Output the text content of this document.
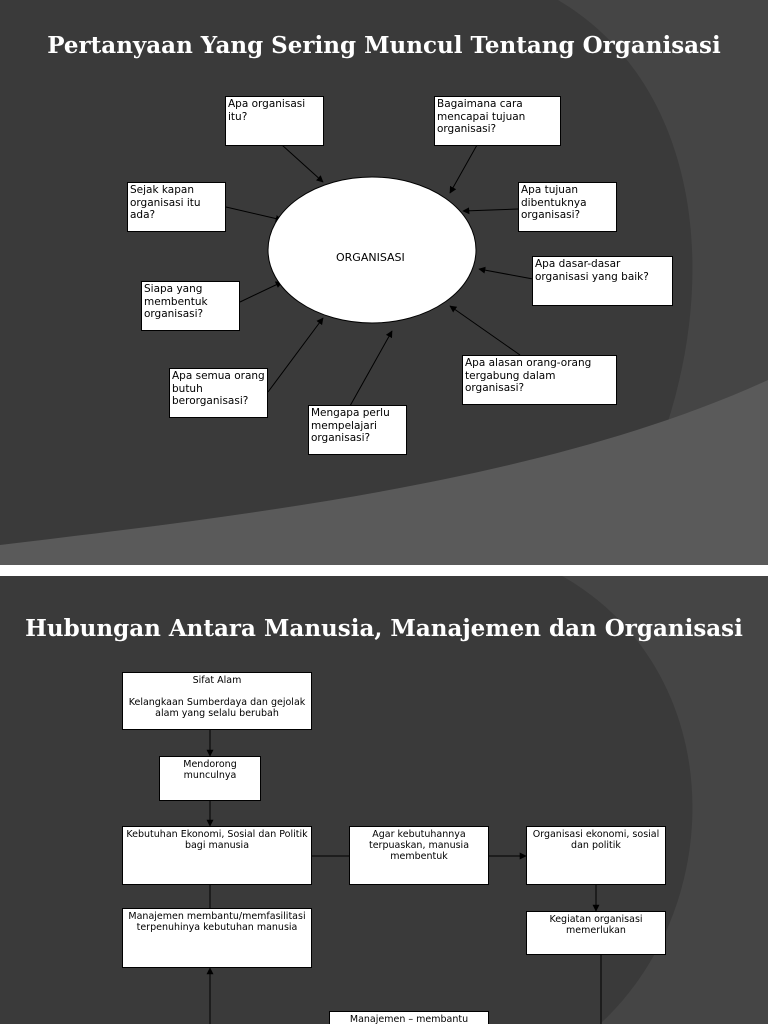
Pertanyaan Yang Sering Muncul Tentang Organisasi
ORGANISASI
Apa organisasi
itu?
Bagaimana cara
mencapai tujuan
organisasi?
Sejak kapan
organisasi itu
ada?
Apa tujuan
dibentuknya
organisasi?
Apa dasar-dasar
organisasi yang baik?
Siapa yang
membentuk
organisasi?
Apa alasan orang-orang
tergabung dalam
organisasi?
Apa semua orang
butuh
berorganisasi?
Mengapa perlu
mempelajari
organisasi?
Hubungan Antara Manusia, Manajemen dan Organisasi
Sifat Alam

Kelangkaan Sumberdaya dan gejolak
alam yang selalu berubah
Mendorong
munculnya
Kebutuhan Ekonomi, Sosial dan Politik
bagi manusia
Agar kebutuhannya
terpuaskan, manusia
membentuk
Organisasi ekonomi, sosial
dan politik
Manajemen membantu/memfasilitasi
terpenuhinya kebutuhan manusia
Kegiatan organisasi
memerlukan
Manajemen – membantu
